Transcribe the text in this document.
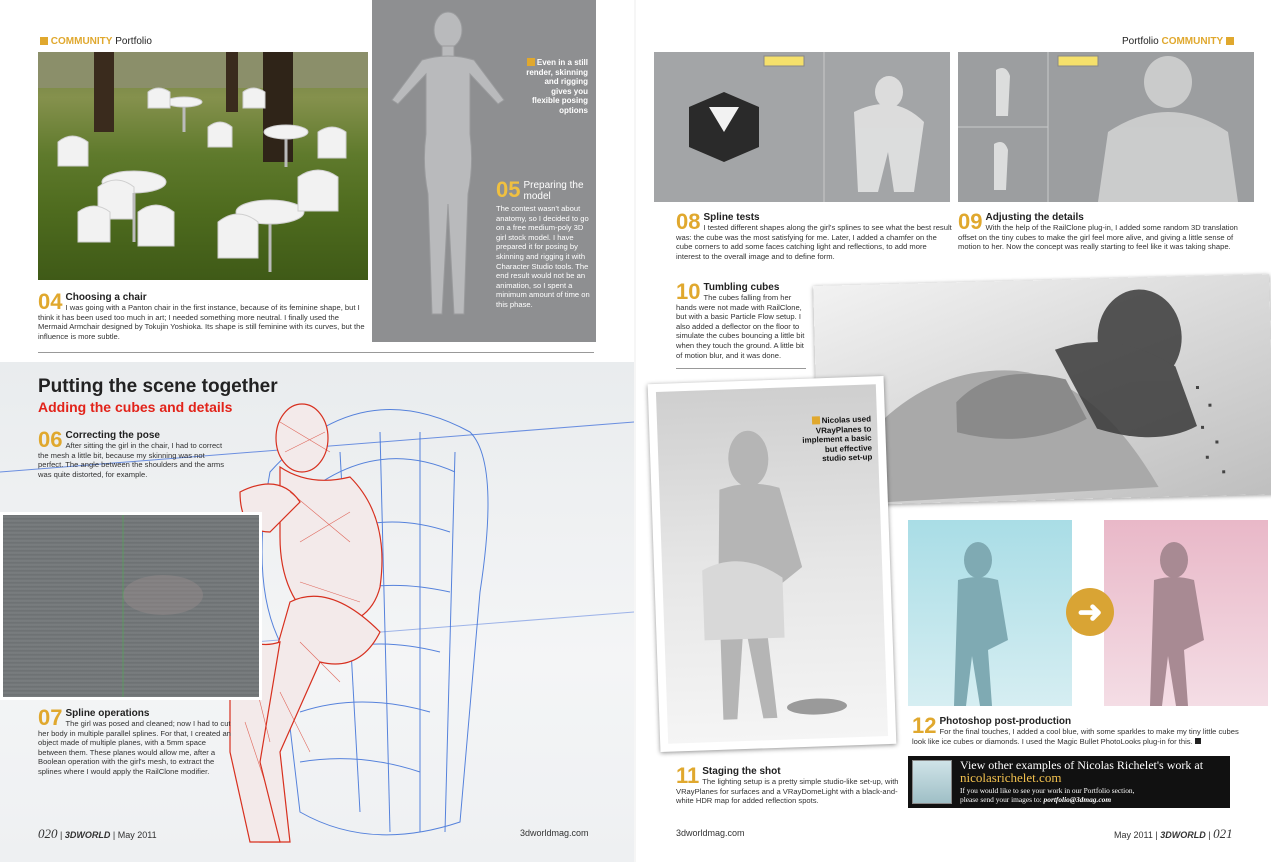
COMMUNITY Portfolio
Even in a still render, skinning and rigging gives you flexible posing options
05 Preparing the model
The contest wasn't about anatomy, so I decided to go on a free medium-poly 3D girl stock model. I have prepared it for posing by skinning and rigging it with Character Studio tools. The end result would not be an animation, so I spent a minimum amount of time on this phase.
04 Choosing a chair
I was going with a Panton chair in the first instance, because of its feminine shape, but I think it has been used too much in art; I needed something more neutral. I finally used the Mermaid Armchair designed by Tokujin Yoshioka. Its shape is still feminine with its curves, but the influence is more subtle.
Putting the scene together
Adding the cubes and details
06 Correcting the pose
After sitting the girl in the chair, I had to correct the mesh a little bit, because my skinning was not perfect. The angle between the shoulders and the arms was quite distorted, for example.
07 Spline operations
The girl was posed and cleaned; now I had to cut her body in multiple parallel splines. For that, I created an object made of multiple planes, with a 5mm space between them. These planes would allow me, after a Boolean operation with the girl's mesh, to extract the splines where I would apply the RailClone modifier.
020 | 3DWORLD | May 2011	3dworldmag.com
Portfolio COMMUNITY
08 Spline tests
I tested different shapes along the girl's splines to see what the best result was: the cube was the most satisfying for me. Later, I added a chamfer on the cube corners to add some faces catching light and reflections, to add more interest to the overall image and to define form.
09 Adjusting the details
With the help of the RailClone plug-in, I added some random 3D translation offset on the tiny cubes to make the girl feel more alive, and giving a little sense of motion to her. Now the concept was really starting to feel like it was taking shape.
10 Tumbling cubes
The cubes falling from her hands were not made with RailClone, but with a basic Particle Flow setup. I also added a deflector on the floor to simulate the cubes bouncing a little bit when they touch the ground. A little bit of motion blur, and it was done.
Nicolas used VRayPlanes to implement a basic but effective studio set-up
➜
12 Photoshop post-production
For the final touches, I added a cool blue, with some sparkles to make my tiny little cubes look like ice cubes or diamonds. I used the Magic Bullet PhotoLooks plug-in for this.
11 Staging the shot
The lighting setup is a pretty simple studio-like set-up, with VRayPlanes for surfaces and a VRayDomeLight with a black-and-white HDR map for added reflection spots.
View other examples of Nicolas Richelet's work at
nicolasrichelet.com
If you would like to see your work in our Portfolio section,
please send your images to: portfolio@3dmag.com
3dworldmag.com	May 2011 | 3DWORLD | 021
